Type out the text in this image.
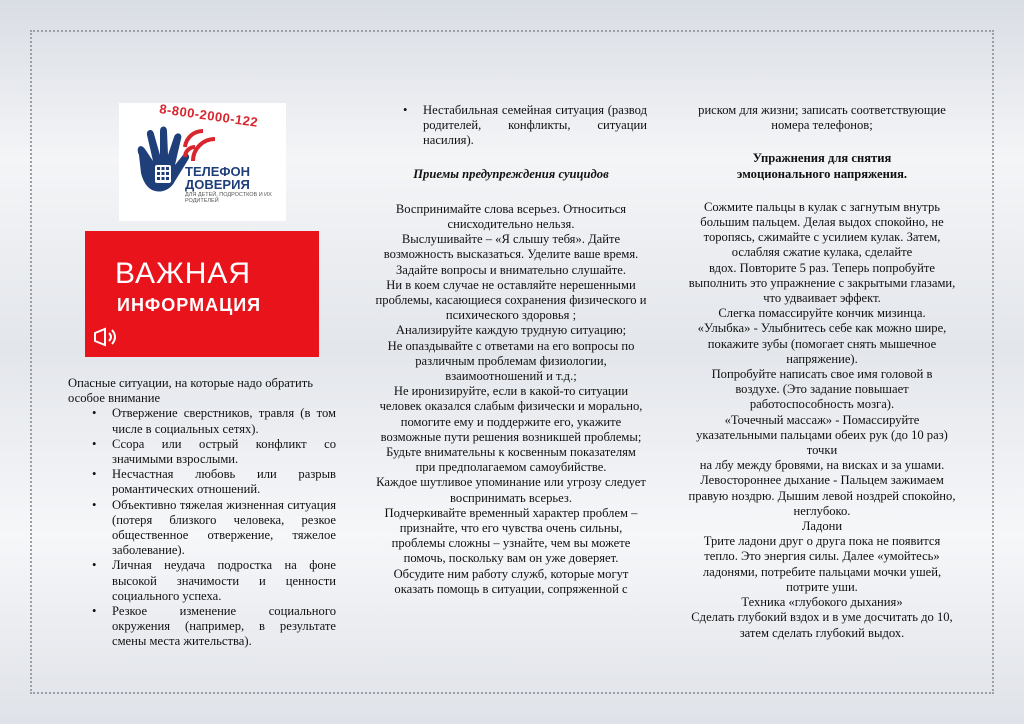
8-800-2000-122
ТЕЛЕФОН
ДОВЕРИЯ
ДЛЯ ДЕТЕЙ, ПОДРОСТКОВ И ИХ РОДИТЕЛЕЙ
ВАЖНАЯ
ИНФОРМАЦИЯ

Опасные ситуации, на которые надо обратить особое внимание

• Отвержение сверстников, травля (в том числе в социальных сетях).
• Ссора или острый конфликт со значимыми взрослыми.
• Несчастная любовь или разрыв романтических отношений.
• Объективно тяжелая жизненная ситуация (потеря близкого человека, резкое общественное отвержение, тяжелое заболевание).
• Личная неудача подростка на фоне высокой значимости и ценности социального успеха.
• Резкое изменение социального окружения (например, в результате смены места жительства).
• Нестабильная семейная ситуация (развод родителей, конфликты, ситуации насилия).
Приемы предупреждения суицидов
Воспринимайте слова всерьез. Относиться снисходительно нельзя.
Выслушивайте – «Я слышу тебя». Дайте возможность высказаться. Уделите ваше время. Задайте вопросы и внимательно слушайте.
Ни в коем случае не оставляйте нерешенными проблемы, касающиеся сохранения физического и психического здоровья ;
Анализируйте каждую трудную ситуацию;
Не опаздывайте с ответами на его вопросы по различным проблемам физиологии, взаимоотношений и т.д.;
Не иронизируйте, если в какой-то ситуации человек оказался слабым физически и морально, помогите ему и поддержите его, укажите возможные пути решения возникшей проблемы;
Будьте внимательны к косвенным показателям при предполагаемом самоубийстве.
Каждое шутливое упоминание или угрозу следует воспринимать всерьез.
Подчеркивайте временный характер проблем – признайте, что его чувства очень сильны, проблемы сложны – узнайте, чем вы можете помочь, поскольку вам он уже доверяет.
Обсудите ним работу служб, которые могут оказать помощь в ситуации, сопряженной с
риском для жизни; записать соответствующие номера телефонов;
Упражнения для снятия
эмоционального напряжения.
Сожмите пальцы в кулак с загнутым внутрь большим пальцем. Делая выдох спокойно, не торопясь, сжимайте с усилием кулак. Затем, ослабляя сжатие кулака, сделайте
вдох. Повторите 5 раз. Теперь попробуйте выполнить это упражнение с закрытыми глазами, что удваивает эффект.
Слегка помассируйте кончик мизинца.
«Улыбка» - Улыбнитесь себе как можно шире, покажите зубы (помогает снять мышечное напряжение).
Попробуйте написать свое имя головой в воздухе. (Это задание повышает работоспособность мозга).
«Точечный массаж» - Помассируйте указательными пальцами обеих рук (до 10 раз) точки
на лбу между бровями, на висках и за ушами.
Левостороннее дыхание - Пальцем зажимаем правую ноздрю. Дышим левой ноздрей спокойно, неглубоко.
Ладони
Трите ладони друг о друга пока не появится тепло. Это энергия силы. Далее «умойтесь» ладонями, потребите пальцами мочки ушей, потрите уши.
Техника «глубокого дыхания»
Сделать глубокий вздох и в уме досчитать до 10, затем сделать глубокий выдох.
